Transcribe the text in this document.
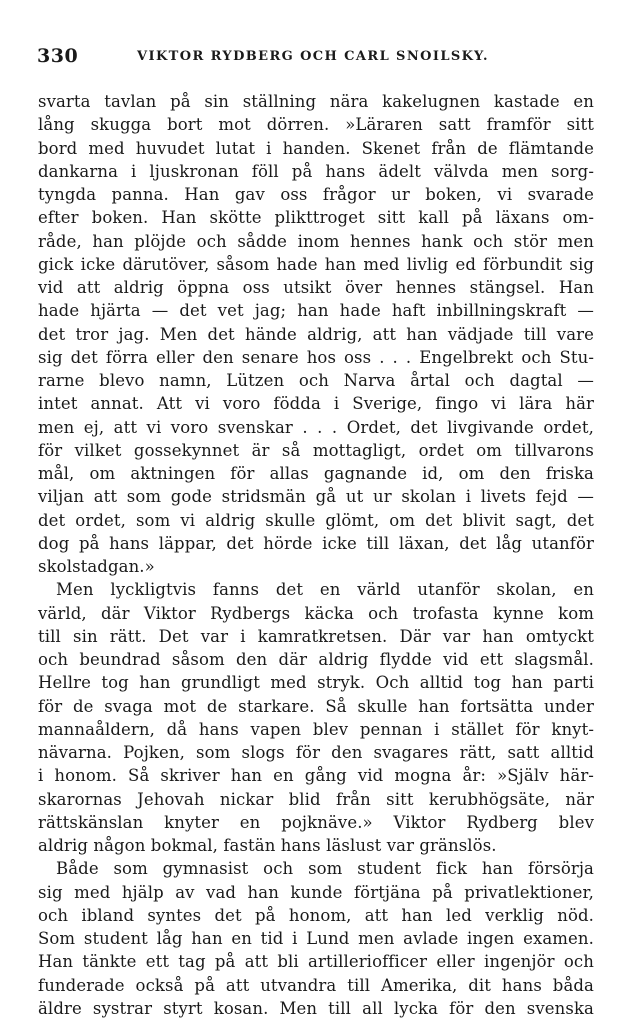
330	VIKTOR RYDBERG OCH CARL SNOILSKY.
svarta tavlan på sin ställning nära kakelugnen kastade en
lång skugga bort mot dörren. »Läraren satt framför sitt
bord med huvudet lutat i handen. Skenet från de flämtande
dankarna i ljuskronan föll på hans ädelt välvda men sorg-
tyngda panna. Han gav oss frågor ur boken, vi svarade
efter boken. Han skötte plikttroget sitt kall på läxans om-
råde, han plöjde och sådde inom hennes hank och stör men
gick icke därutöver, såsom hade han med livlig ed förbundit sig
vid att aldrig öppna oss utsikt över hennes stängsel. Han
hade hjärta — det vet jag; han hade haft inbillningskraft —
det tror jag. Men det hände aldrig, att han vädjade till vare
sig det förra eller den senare hos oss . . . Engelbrekt och Stu-
rarne blevo namn, Lützen och Narva årtal och dagtal —
intet annat. Att vi voro födda i Sverige, fingo vi lära här
men ej, att vi voro svenskar . . . Ordet, det livgivande ordet,
för vilket gossekynnet är så mottagligt, ordet om tillvarons
mål, om aktningen för allas gagnande id, om den friska
viljan att som gode stridsmän gå ut ur skolan i livets fejd —
det ordet, som vi aldrig skulle glömt, om det blivit sagt, det
dog på hans läppar, det hörde icke till läxan, det låg utanför
skolstadgan.»
Men lyckligtvis fanns det en värld utanför skolan, en
värld, där Viktor Rydbergs käcka och trofasta kynne kom
till sin rätt. Det var i kamratkretsen. Där var han omtyckt
och beundrad såsom den där aldrig flydde vid ett slagsmål.
Hellre tog han grundligt med stryk. Och alltid tog han parti
för de svaga mot de starkare. Så skulle han fortsätta under
mannaåldern, då hans vapen blev pennan i stället för knyt-
nävarna. Pojken, som slogs för den svagares rätt, satt alltid
i honom. Så skriver han en gång vid mogna år: »Själv här-
skarornas Jehovah nickar blid från sitt kerubhögsäte, när
rättskänslan knyter en pojknäve.» Viktor Rydberg blev
aldrig någon bokmal, fastän hans läslust var gränslös.
Både som gymnasist och som student fick han försörja
sig med hjälp av vad han kunde förtjäna på privatlektioner,
och ibland syntes det på honom, att han led verklig nöd.
Som student låg han en tid i Lund men avlade ingen examen.
Han tänkte ett tag på att bli artilleriofficer eller ingenjör och
funderade också på att utvandra till Amerika, dit hans båda
äldre systrar styrt kosan. Men till all lycka för den svenska
